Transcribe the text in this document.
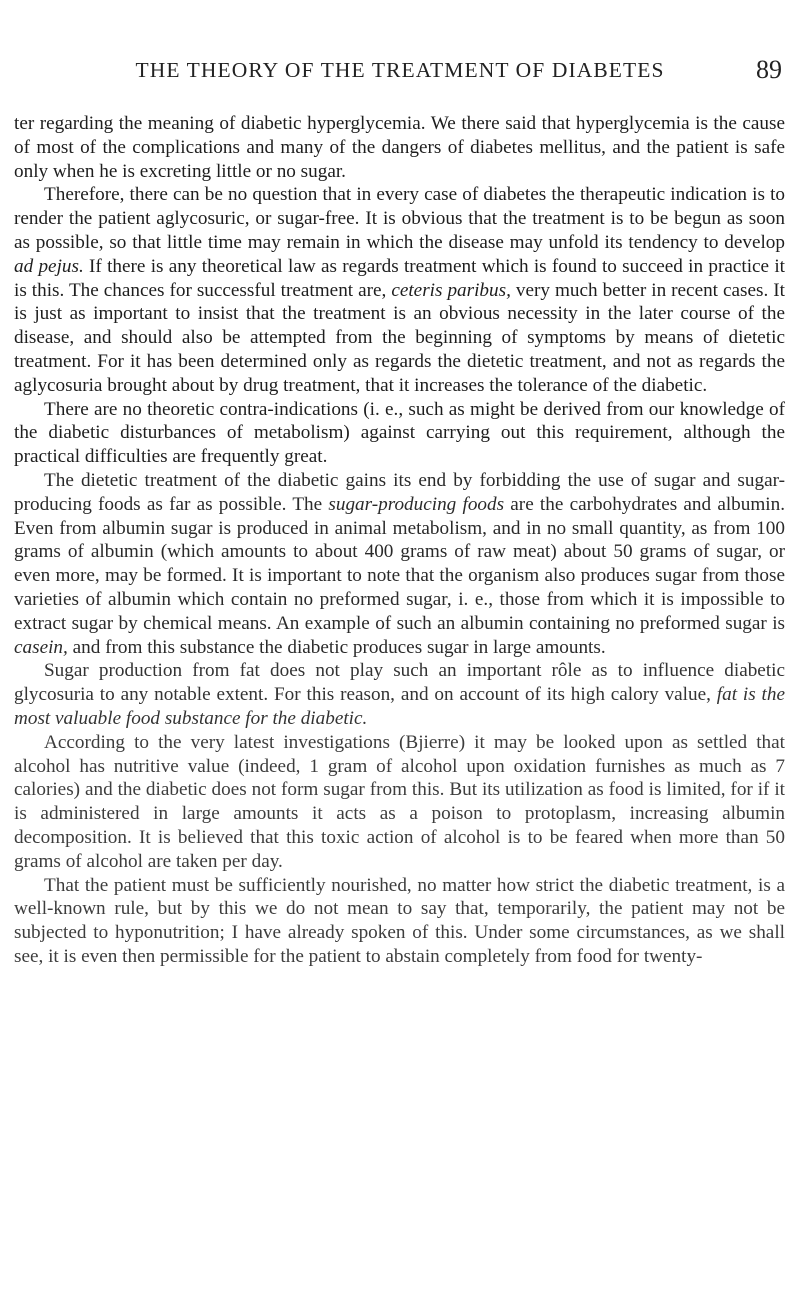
THE THEORY OF THE TREATMENT OF DIABETES	89

ter regarding the meaning of diabetic hyperglycemia. We there said that hyperglycemia is the cause of most of the complications and many of the dangers of diabetes mellitus, and the patient is safe only when he is excreting little or no sugar.

Therefore, there can be no question that in every case of diabetes the therapeutic indication is to render the patient aglycosuric, or sugar-free. It is obvious that the treatment is to be begun as soon as possible, so that little time may remain in which the disease may unfold its tendency to develop ad pejus. If there is any theoretical law as regards treatment which is found to succeed in practice it is this. The chances for successful treatment are, ceteris paribus, very much better in recent cases. It is just as important to insist that the treatment is an obvious necessity in the later course of the disease, and should also be attempted from the beginning of symptoms by means of dietetic treatment. For it has been determined only as regards the dietetic treatment, and not as regards the aglycosuria brought about by drug treatment, that it increases the tolerance of the diabetic.

There are no theoretic contra-indications (i. e., such as might be derived from our knowledge of the diabetic disturbances of metabolism) against carrying out this requirement, although the practical difficulties are frequently great.

The dietetic treatment of the diabetic gains its end by forbidding the use of sugar and sugar-producing foods as far as possible. The sugar-producing foods are the carbohydrates and albumin. Even from albumin sugar is produced in animal metabolism, and in no small quantity, as from 100 grams of albumin (which amounts to about 400 grams of raw meat) about 50 grams of sugar, or even more, may be formed. It is important to note that the organism also produces sugar from those varieties of albumin which contain no preformed sugar, i. e., those from which it is impossible to extract sugar by chemical means. An example of such an albumin containing no preformed sugar is casein, and from this substance the diabetic produces sugar in large amounts.

Sugar production from fat does not play such an important rôle as to influence diabetic glycosuria to any notable extent. For this reason, and on account of its high calory value, fat is the most valuable food substance for the diabetic.

According to the very latest investigations (Bjierre) it may be looked upon as settled that alcohol has nutritive value (indeed, 1 gram of alcohol upon oxidation furnishes as much as 7 calories) and the diabetic does not form sugar from this. But its utilization as food is limited, for if it is administered in large amounts it acts as a poison to protoplasm, increasing albumin decomposition. It is believed that this toxic action of alcohol is to be feared when more than 50 grams of alcohol are taken per day.

That the patient must be sufficiently nourished, no matter how strict the diabetic treatment, is a well-known rule, but by this we do not mean to say that, temporarily, the patient may not be subjected to hyponutrition; I have already spoken of this. Under some circumstances, as we shall see, it is even then permissible for the patient to abstain completely from food for twenty-
